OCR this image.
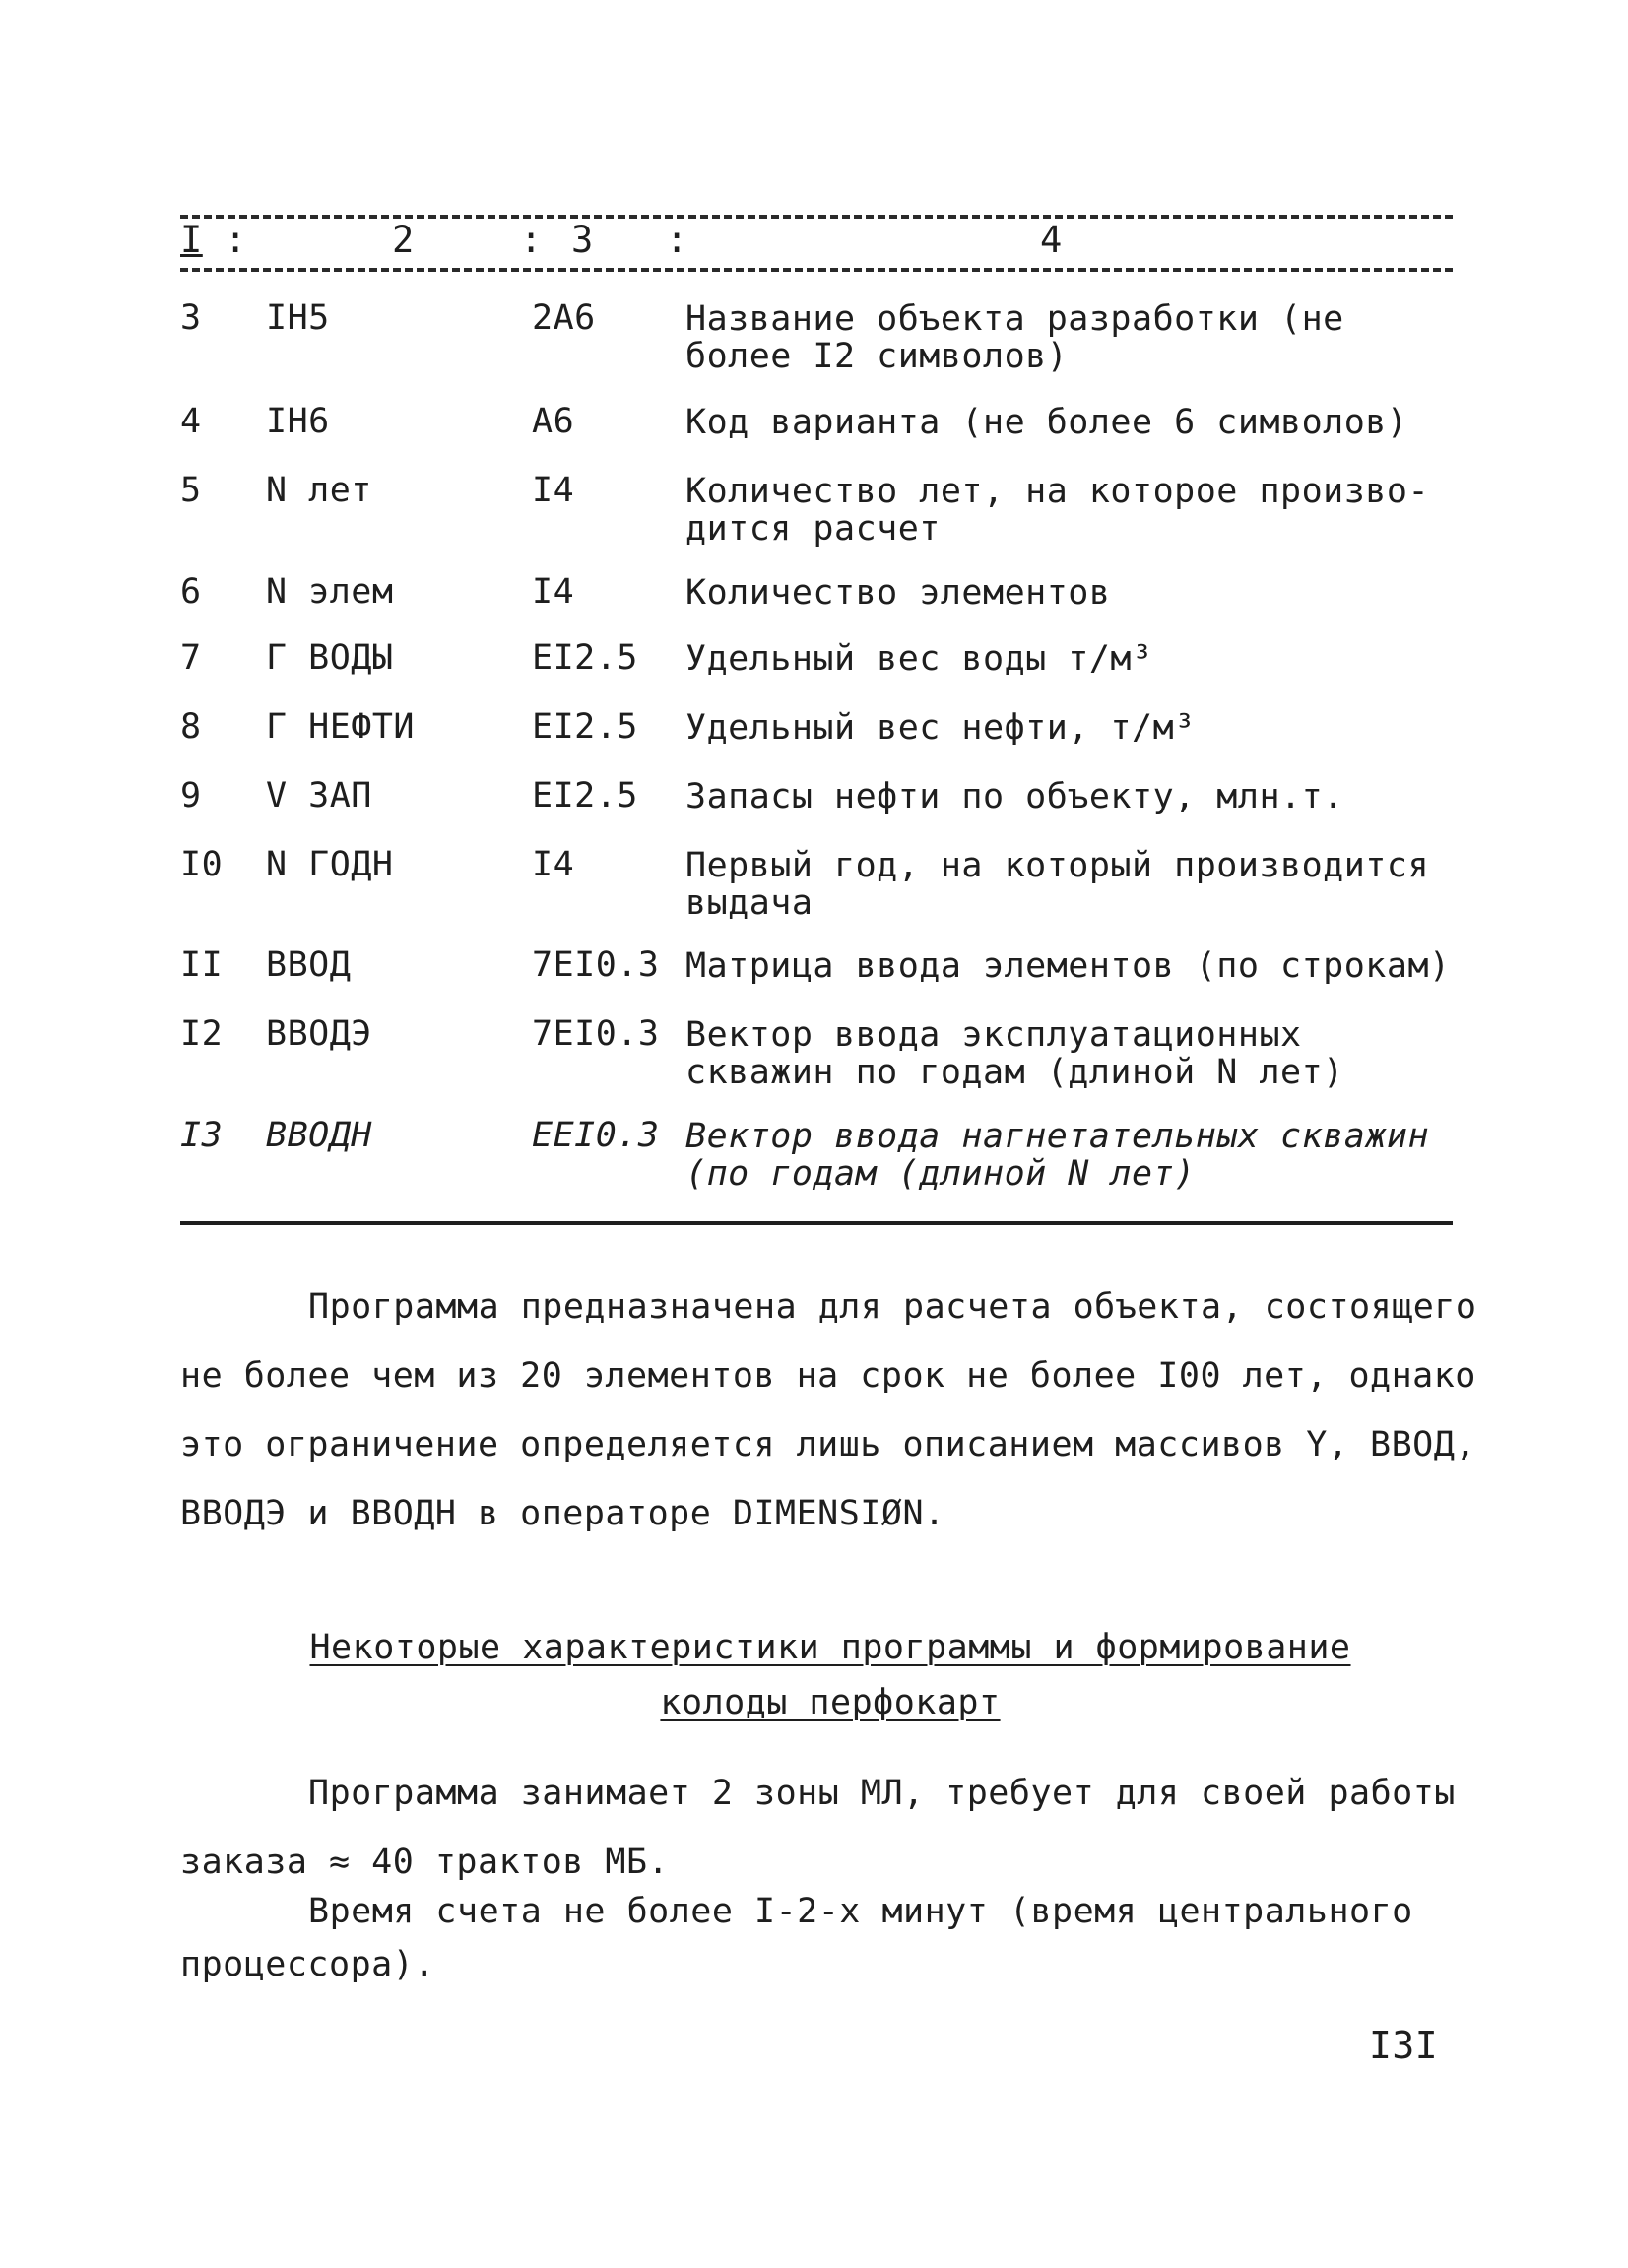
I :	2	: 3 :	4
3	IH5	2A6	Название объекта разработки (не более I2 символов)
4	IH6	A6	Код варианта (не более 6 символов)
5	N лет	I4	Количество лет, на которое произво-дится расчет
6	N элем	I4	Количество элементов
7	Г ВОДЫ	EI2.5 Удельный вес воды т/м³
8	Г НЕФТИ	EI2.5 Удельный вес нефти, т/м³
9	V ЗАП	EI2.5 Запасы нефти по объекту, млн.т.
I0	N ГОДН	I4	Первый год, на который производится выдача
II	ВВОД	7EI0.3 Матрица ввода элементов (по строкам)
I2	ВВОДЭ	7EI0.3 Вектор ввода эксплуатационных скважин по годам (длиной N лет)
I3	ВВОДН	EEI0.3 Вектор ввода нагнетательных скважин (по годам (длиной N лет)

Программа предназначена для расчета объекта, состоящего не более чем из 20 элементов на срок не более I00 лет, однако это ограничение определяется лишь описанием массивов Y, ВВОД, ВВОДЭ и ВВОДН в операторе DIMENSIØN.

Некоторые характеристики программы и формирование
колоды перфокарт

Программа занимает 2 зоны МЛ, требует для своей работы заказа ≈ 40 трактов МБ.

Время счета не более I-2-х минут (время центрального процессора).

I3I
